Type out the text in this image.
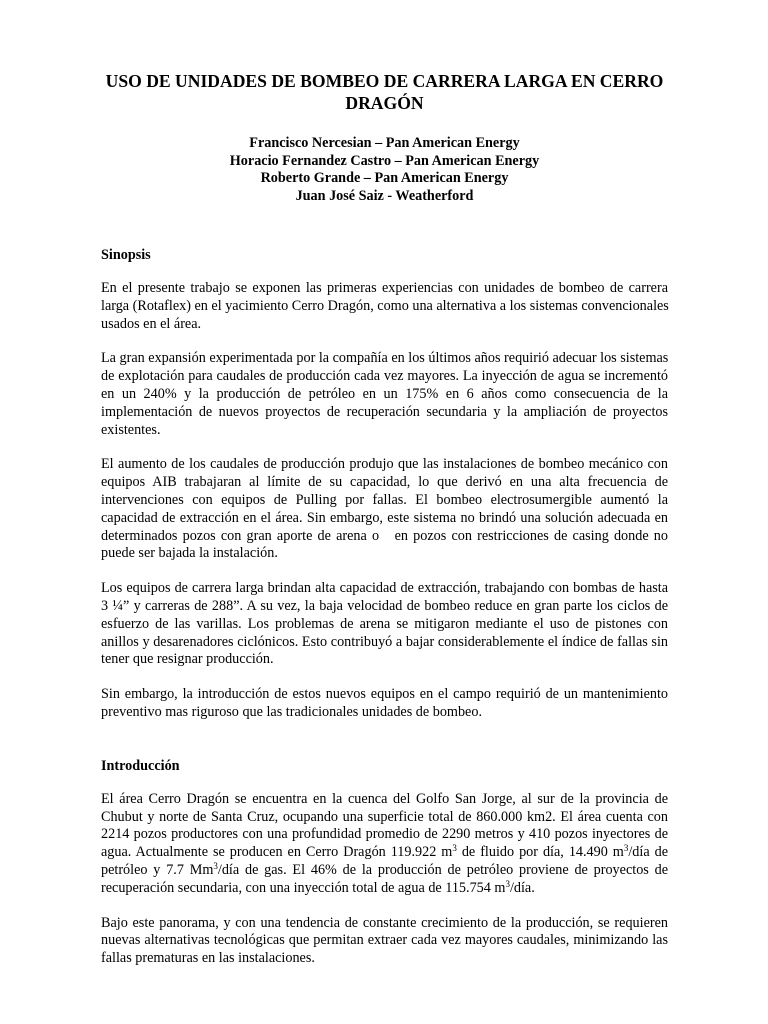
USO DE UNIDADES DE BOMBEO DE CARRERA LARGA EN CERRO
DRAGÓN
Francisco Nercesian – Pan American Energy
Horacio Fernandez Castro – Pan American Energy
Roberto Grande – Pan American Energy
Juan José Saiz - Weatherford
Sinopsis

En el presente trabajo se exponen las primeras experiencias con unidades de bombeo de carrera
larga (Rotaflex) en el yacimiento Cerro Dragón, como una alternativa a los sistemas convencionales
usados en el área.

La gran expansión experimentada por la compañía en los últimos años requirió adecuar los sistemas
de explotación para caudales de producción cada vez mayores. La inyección de agua se incrementó
en un 240% y la producción de petróleo en un 175% en 6 años como consecuencia de la
implementación de nuevos proyectos de recuperación secundaria y la ampliación de proyectos
existentes.

El aumento de los caudales de producción produjo que las instalaciones de bombeo mecánico con
equipos AIB trabajaran al límite de su capacidad, lo que derivó en una alta frecuencia de
intervenciones con equipos de Pulling por fallas. El bombeo electrosumergible aumentó la
capacidad de extracción en el área. Sin embargo, este sistema no brindó una solución adecuada en
determinados pozos con gran aporte de arena o   en pozos con restricciones de casing donde no
puede ser bajada la instalación.

Los equipos de carrera larga brindan alta capacidad de extracción, trabajando con bombas de hasta
3 ¼” y carreras de 288”. A su vez, la baja velocidad de bombeo reduce en gran parte los ciclos de
esfuerzo de las varillas. Los problemas de arena se mitigaron mediante el uso de pistones con
anillos y desarenadores ciclónicos. Esto contribuyó a bajar considerablemente el índice de fallas sin
tener que resignar producción.

Sin embargo, la introducción de estos nuevos equipos en el campo requirió de un mantenimiento
preventivo mas riguroso que las tradicionales unidades de bombeo.

Introducción

El área Cerro Dragón se encuentra en la cuenca del Golfo San Jorge, al sur de la provincia de
Chubut y norte de Santa Cruz, ocupando una superficie total de 860.000 km2. El área cuenta con
2214 pozos productores con una profundidad promedio de 2290 metros y 410 pozos inyectores de
agua. Actualmente se producen en Cerro Dragón 119.922 $m^3$ de fluido por día, 14.490 $m^3$/día de
petróleo y 7.7 Mm$^3$/día de gas. El 46% de la producción de petróleo proviene de proyectos de
recuperación secundaria, con una inyección total de agua de 115.754 $m^3$/día.

Bajo este panorama, y con una tendencia de constante crecimiento de la producción, se requieren
nuevas alternativas tecnológicas que permitan extraer cada vez mayores caudales, minimizando las
fallas prematuras en las instalaciones.
